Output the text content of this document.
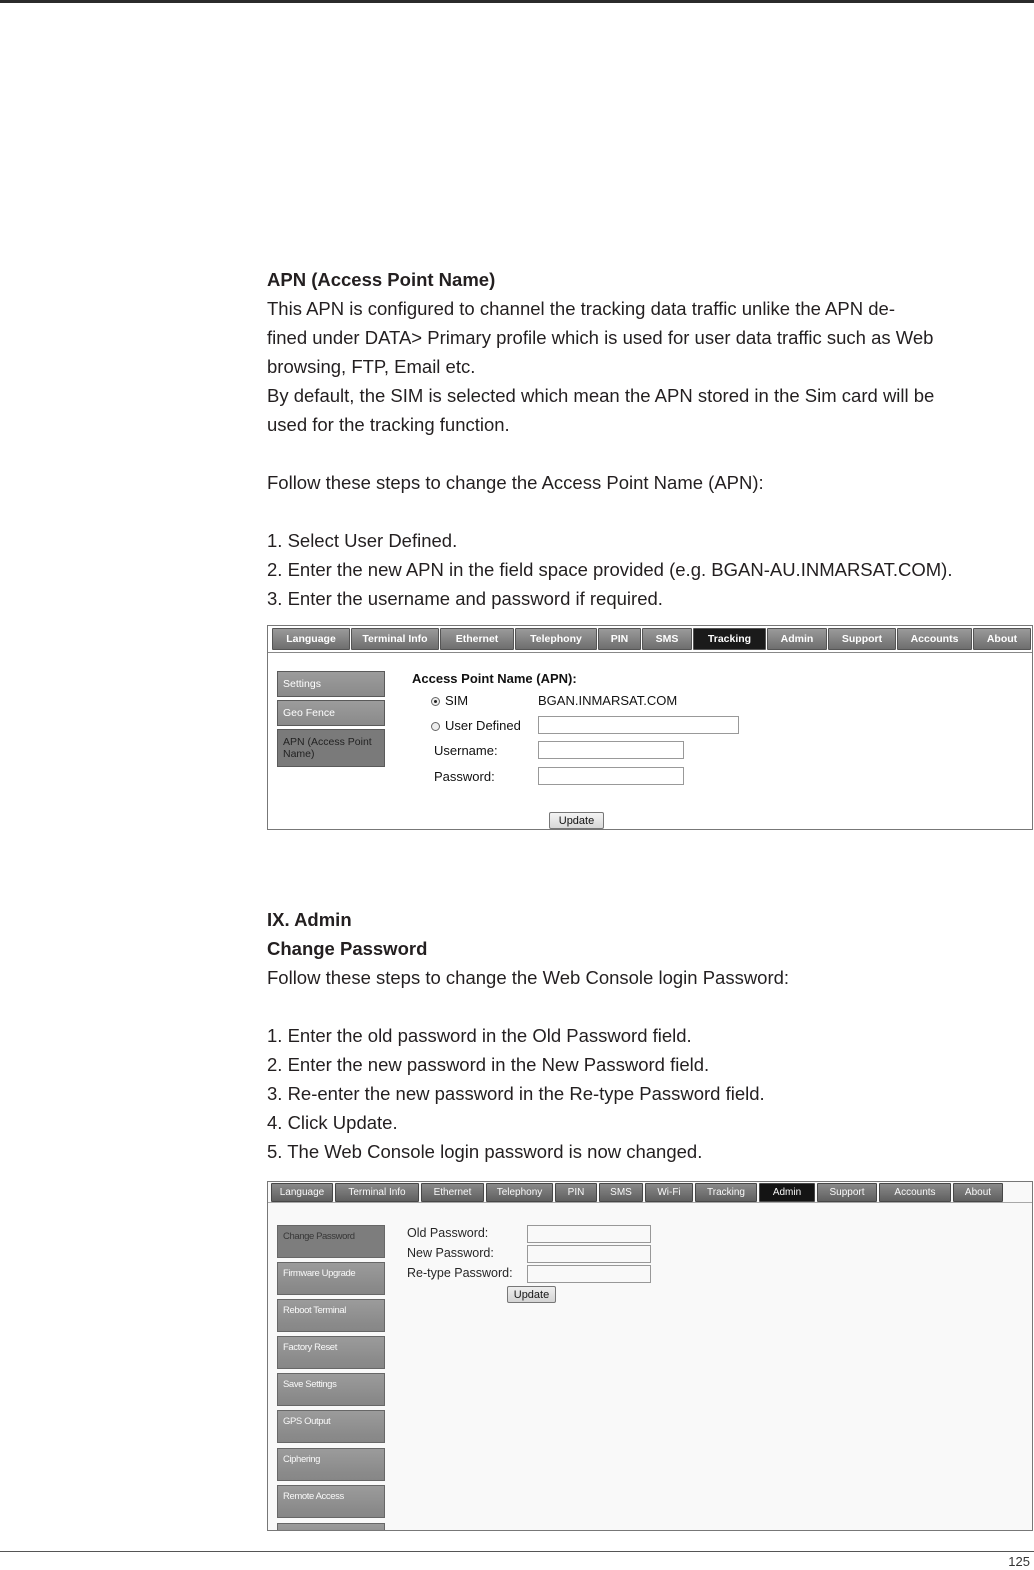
APN (Access Point Name)

This APN is configured to channel the tracking data traffic unlike the APN de-

fined under DATA> Primary profile which is used for user data traffic such as Web

browsing, FTP, Email etc.

By default, the SIM is selected which mean the APN stored in the Sim card will be

used for the tracking function.

Follow these steps to change the Access Point Name (APN):

1. Select User Defined.

2. Enter the new APN in the field space provided (e.g. BGAN-AU.INMARSAT.COM).

3. Enter the username and password if required.

Language	Terminal Info	Ethernet	Telephony	PIN	SMS	Tracking	Admin	Support	Accounts	About
Settings
Geo Fence
APN (Access Point Name)
Access Point Name (APN):
SIM	BGAN.INMARSAT.COM
User Defined
Username:
Password:
Update

IX. Admin

Change Password

Follow these steps to change the Web Console login Password:

1. Enter the old password in the Old Password field.

2. Enter the new password in the New Password field.

3. Re-enter the new password in the Re-type Password field.

4. Click Update.

5. The Web Console login password is now changed.

Language	Terminal Info	Ethernet	Telephony	PIN	SMS	Wi-Fi	Tracking	Admin	Support	Accounts	About
Change Password
Firmware Upgrade
Reboot Terminal
Factory Reset
Save Settings
GPS Output
Ciphering
Remote Access
Old Password:
New Password:
Re-type Password:
Update
125
